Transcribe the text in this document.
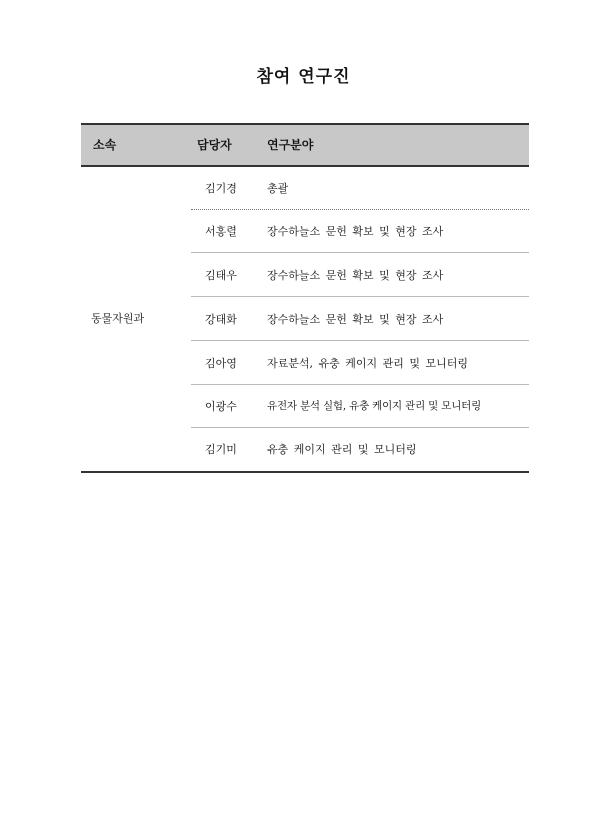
참여 연구진
소속	담당자	연구분야
동물자원과
김기경	총괄
서홍렬	장수하늘소 문헌 확보 및 현장 조사
김태우	장수하늘소 문헌 확보 및 현장 조사
강태화	장수하늘소 문헌 확보 및 현장 조사
김아영	자료분석, 유충 케이지 관리 및 모니터링
이광수	유전자 분석 실험, 유충 케이지 관리 및 모니터링
김기미	유충 케이지 관리 및 모니터링
